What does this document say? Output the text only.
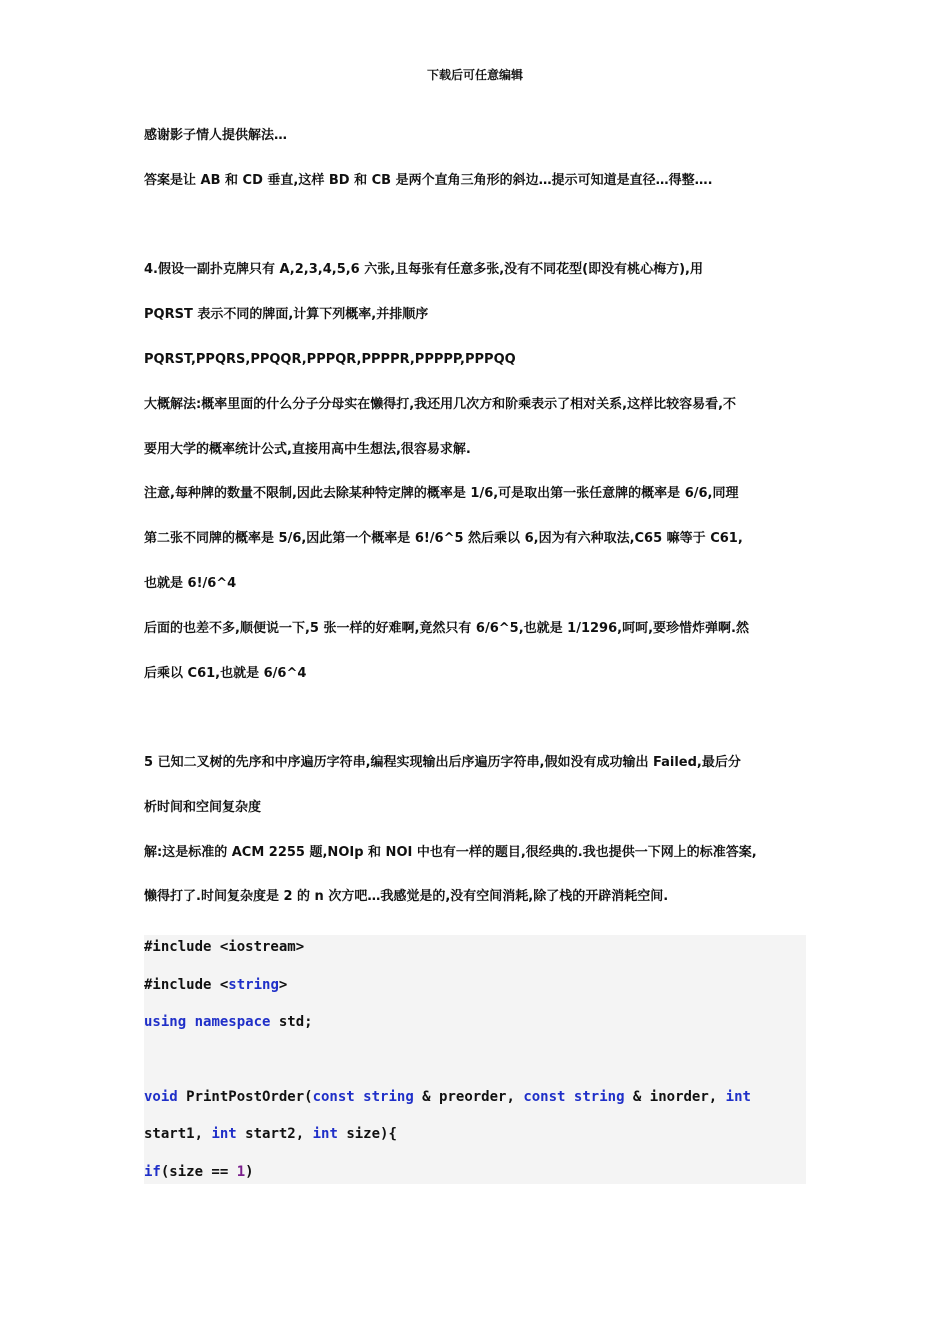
下载后可任意编辑
感谢影子情人提供解法…
答案是让 AB 和 CD 垂直,这样 BD 和 CB 是两个直角三角形的斜边…提示可知道是直径…得整….
4.假设一副扑克牌只有 A,2,3,4,5,6 六张,且每张有任意多张,没有不同花型(即没有桃心梅方),用
PQRST 表示不同的牌面,计算下列概率,并排顺序
PQRST,PPQRS,PPQQR,PPPQR,PPPPR,PPPPP,PPPQQ
大概解法:概率里面的什么分子分母实在懒得打,我还用几次方和阶乘表示了相对关系,这样比较容易看,不
要用大学的概率统计公式,直接用高中生想法,很容易求解.
注意,每种牌的数量不限制,因此去除某种特定牌的概率是 1/6,可是取出第一张任意牌的概率是 6/6,同理
第二张不同牌的概率是 5/6,因此第一个概率是 6!/6^5 然后乘以 6,因为有六种取法,C65 嘛等于 C61,
也就是 6!/6^4
后面的也差不多,顺便说一下,5 张一样的好难啊,竟然只有 6/6^5,也就是 1/1296,呵呵,要珍惜炸弹啊.然
后乘以 C61,也就是 6/6^4
5 已知二叉树的先序和中序遍历字符串,编程实现输出后序遍历字符串,假如没有成功输出 Failed,最后分
析时间和空间复杂度
解:这是标准的 ACM 2255 题,NOIp 和 NOI 中也有一样的题目,很经典的.我也提供一下网上的标准答案,
懒得打了.时间复杂度是 2 的 n 次方吧…我感觉是的,没有空间消耗,除了栈的开辟消耗空间.
#include <iostream>
#include <string>
using namespace std;
void PrintPostOrder(const string & preorder, const string & inorder, int
start1, int start2, int size){
if(size == 1)
